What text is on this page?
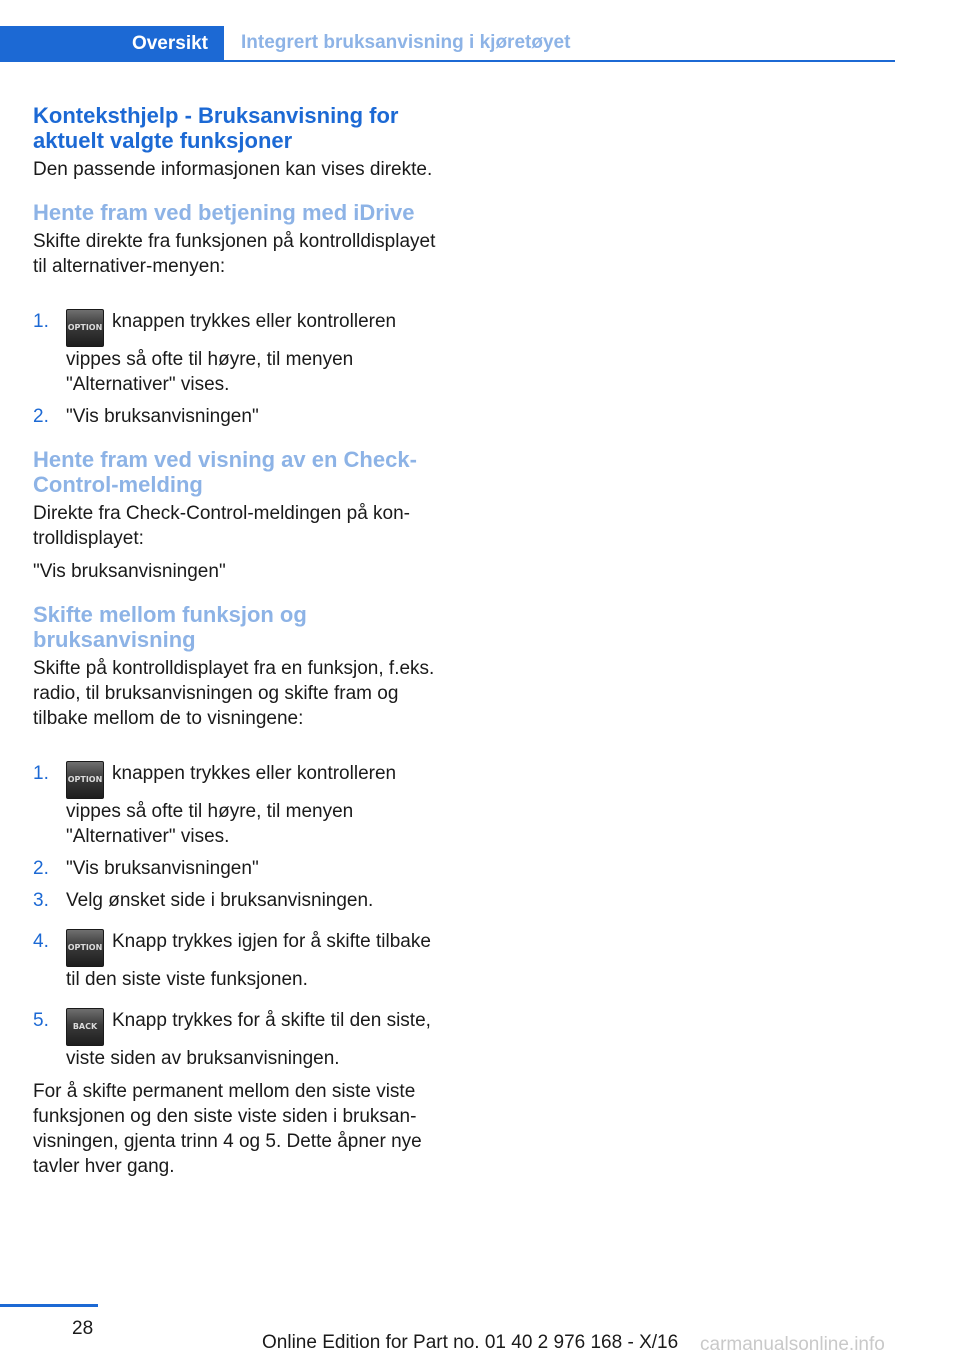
Oversikt	Integrert bruksanvisning i kjøretøyet
Konteksthjelp - Bruksanvisning for aktuelt valgte funksjoner

Den passende informasjonen kan vises direkte.

Hente fram ved betjening med iDrive

Skifte direkte fra funksjonen på kontrolldisplayet til alternativer-menyen:

1. OPTION knappen trykkes eller kontrolleren vippes så ofte til høyre, til menyen "Alternativer" vises.
2. "Vis bruksanvisningen"
Hente fram ved visning av en Check-Control-melding

Direkte fra Check-Control-meldingen på kontrolldisplayet:

"Vis bruksanvisningen"

Skifte mellom funksjon og bruksanvisning

Skifte på kontrolldisplayet fra en funksjon, f.eks. radio, til bruksanvisningen og skifte fram og tilbake mellom de to visningene:

1. OPTION knappen trykkes eller kontrolleren vippes så ofte til høyre, til menyen "Alternativer" vises.
2. "Vis bruksanvisningen"
3. Velg ønsket side i bruksanvisningen.
4. OPTION Knapp trykkes igjen for å skifte tilbake til den siste viste funksjonen.
5.	BACK Knapp trykkes for å skifte til den siste, viste siden av bruksanvisningen.

For å skifte permanent mellom den siste viste funksjonen og den siste viste siden i bruksanvisningen, gjenta trinn 4 og 5. Dette åpner nye tavler hver gang.

28
Online Edition for Part no. 01 40 2 976 168 - X/16 carmanualsonline.info
